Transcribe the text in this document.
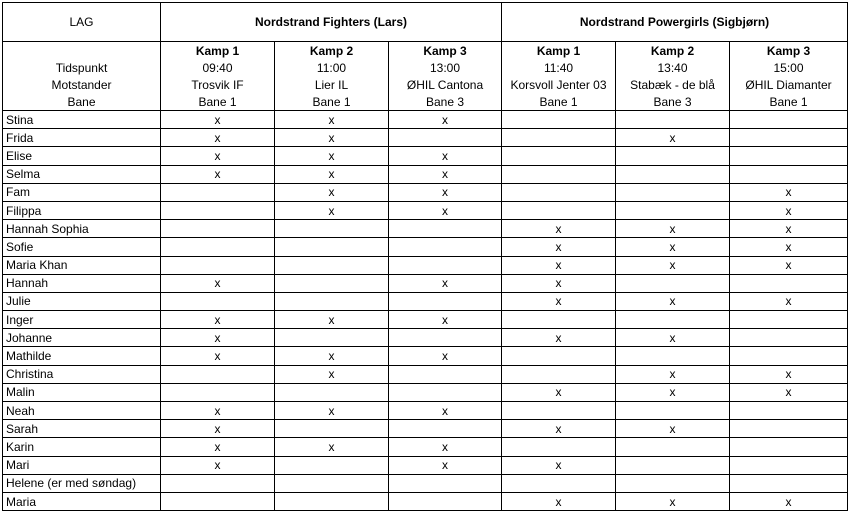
LAG	Nordstrand Fighters (Lars)			Nordstrand Powergirls (Sigbjørn)		
	Kamp 1	Kamp 2	Kamp 3	Kamp 1	Kamp 2	Kamp 3
Tidspunkt	09:40	11:00	13:00	11:40	13:40	15:00
Motstander	Trosvik IF	Lier IL	ØHIL Cantona	Korsvoll Jenter 03	Stabæk - de blå	ØHIL Diamanter
Bane	Bane 1	Bane 1	Bane 3	Bane 1	Bane 3	Bane 1
Stina	x	x	x			
Frida	x	x			x	
Elise	x	x	x			
Selma	x	x	x			
Fam		x	x			x
Filippa		x	x			x
Hannah Sophia				x	x	x
Sofie				x	x	x
Maria Khan				x	x	x
Hannah	x		x	x		
Julie				x	x	x
Inger	x	x	x			
Johanne	x			x	x	
Mathilde	x	x	x			
Christina		x			x	x
Malin				x	x	x
Neah	x	x	x			
Sarah	x			x	x	
Karin	x	x	x			
Mari	x		x	x		
Helene (er med søndag)						
Maria				x	x	x
